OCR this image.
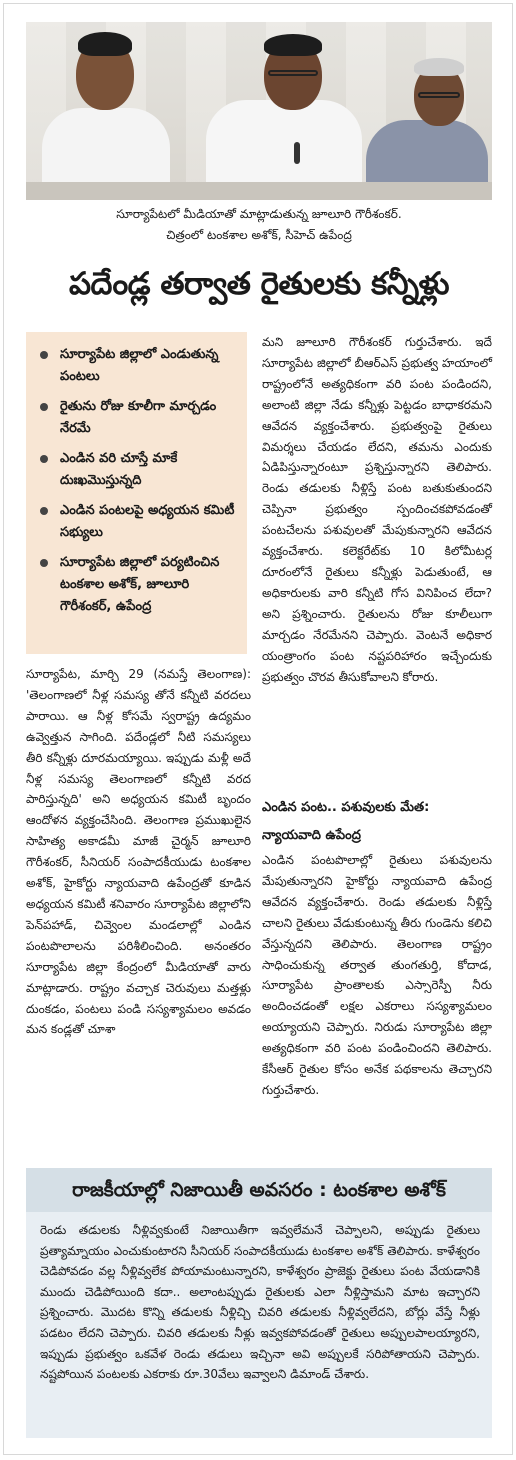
సూర్యాపేటలో మీడియాతో మాట్లాడుతున్న జూలూరి గౌరీశంకర్.
చిత్రంలో టంకశాల అశోక్, సీహెచ్ ఉపేంద్ర
పదేండ్ల తర్వాత రైతులకు కన్నీళ్లు
సూర్యాపేట జిల్లాలో ఎండుతున్న పంటలు
రైతును రోజు కూలీగా మార్చడం నేరమే
ఎండిన వరి చూస్తే మాకే దుఃఖమొస్తున్నది
ఎండిన పంటలపై అధ్యయన కమిటీ సభ్యులు
సూర్యాపేట జిల్లాలో పర్యటించిన టంకశాల అశోక్, జూలూరి గౌరీశంకర్, ఉపేంద్ర

సూర్యాపేట, మార్చి 29 (నమస్తే తెలంగాణ): 'తెలంగాణలో నీళ్ల సమస్య తోనే కన్నీటి వరదలు పారాయి. ఆ నీళ్ల కోసమే స్వరాష్ట్ర ఉద్యమం ఉవ్వెత్తున సాగింది. పదేండ్లలో నీటి సమస్యలు తీరి కన్నీళ్లు దూరమయ్యాయి. ఇప్పుడు మళ్లీ అదే నీళ్ల సమస్య తెలంగాణలో కన్నీటి వరద పారిస్తున్నది' అని అధ్యయన కమిటీ బృందం ఆందోళన వ్యక్తంచేసింది. తెలంగాణ ప్రముఖులైన సాహిత్య అకాడమీ మాజీ చైర్మన్ జూలూరి గౌరీశంకర్, సీనియర్ సంపాదకీయుడు టంకశాల అశోక్, హైకోర్టు న్యాయవాది ఉపేంద్రతో కూడిన అధ్యయన కమిటీ శనివారం సూర్యాపేట జిల్లాలోని పెన్‌పహాడ్, చివ్వెంల మండలాల్లో ఎండిన పంటపొలాలను పరిశీలించింది. అనంతరం సూర్యాపేట జిల్లా కేంద్రంలో మీడియాతో వారు మాట్లాడారు. రాష్ట్రం వచ్చాక చెరువులు మత్తళ్లు దుంకడం, పంటలు పండి సస్యశ్యామలం అవడం మన కండ్లతో చూశా

మని జూలూరి గౌరీశంకర్ గుర్తుచేశారు. ఇదే సూర్యాపేట జిల్లాలో బీఆర్ఎస్ ప్రభుత్వ హయాంలో రాష్ట్రంలోనే అత్యధికంగా వరి పంట పండిందని, అలాంటి జిల్లా నేడు కన్నీళ్లు పెట్టడం బాధాకరమని ఆవేదన వ్యక్తంచేశారు. ప్రభుత్వంపై రైతులు విమర్శలు చేయడం లేదని, తమను ఎందుకు ఏడిపిస్తున్నారంటూ ప్రశ్నిస్తున్నారని తెలిపారు. రెండు తడులకు నీళ్లిస్తే పంట బతుకుతుందని చెప్పినా ప్రభుత్వం స్పందించకపోవడంతో పంటచేలను పశువులతో మేపుకున్నారని ఆవేదన వ్యక్తంచేశారు. కలెక్టరేట్‌కు 10 కిలోమీటర్ల దూరంలోనే రైతులు కన్నీళ్లు పెడుతుంటే, ఆ అధికారులకు వారి కన్నీటి గోస వినిపించ లేదా? అని ప్రశ్నించారు. రైతులను రోజు కూలీలుగా మార్చడం నేరమేనని చెప్పారు. వెంటనే అధికార యంత్రాంగం పంట నష్టపరిహారం ఇచ్చేందుకు ప్రభుత్వం చొరవ తీసుకోవాలని కోరారు.

ఎండిన పంట.. పశువులకు మేత:
న్యాయవాది ఉపేంద్ర

ఎండిన పంటపొలాల్లో రైతులు పశువులను మేపుతున్నారని హైకోర్టు న్యాయవాది ఉపేంద్ర ఆవేదన వ్యక్తంచేశారు. రెండు తడులకు నీళ్లిస్తే చాలని రైతులు వేడుకుంటున్న తీరు గుండెను కలిచి వేస్తున్నదని తెలిపారు. తెలంగాణ రాష్ట్రం సాధించుకున్న తర్వాత తుంగతుర్తి, కోదాడ, సూర్యాపేట ప్రాంతాలకు ఎస్సారెస్పీ నీరు అందించడంతో లక్షల ఎకరాలు సస్యశ్యామలం అయ్యాయని చెప్పారు. నిరుడు సూర్యాపేట జిల్లా అత్యధికంగా వరి పంట పండించిందని తెలిపారు. కేసీఆర్ రైతుల కోసం అనేక పథకాలను తెచ్చారని గుర్తుచేశారు.

రాజకీయాల్లో నిజాయితీ అవసరం : టంకశాల అశోక్
రెండు తడులకు నీళ్లివ్వకుంటే నిజాయితీగా ఇవ్వలేమనే చెప్పాలని, అప్పుడు రైతులు ప్రత్యామ్నాయం ఎంచుకుంటారని సీనియర్ సంపాదకీయుడు టంకశాల అశోక్ తెలిపారు. కాళేశ్వరం చెడిపోవడం వల్ల నీళ్లివ్వలేక పోయామంటున్నారని, కాళేశ్వరం ప్రాజెక్టు రైతులు పంట వేయడానికి ముందు చెడిపోయింది కదా.. అలాంటప్పుడు రైతులకు ఎలా నీళ్లిస్తామని మాట ఇచ్చారని ప్రశ్నించారు. మొదట కొన్ని తడులకు నీళ్లిచ్చి చివరి తడులకు నీళ్లివ్వలేదని, బోర్లు వేస్తే నీళ్లు పడటం లేదని చెప్పారు. చివరి తడులకు నీళ్లు ఇవ్వకపోవడంతో రైతులు అప్పులపాలయ్యారని, ఇప్పుడు ప్రభుత్వం ఒకవేళ రెండు తడులు ఇచ్చినా అవి అప్పులకే సరిపోతాయని చెప్పారు. నష్టపోయిన పంటలకు ఎకరాకు రూ.30వేలు ఇవ్వాలని డిమాండ్ చేశారు.
